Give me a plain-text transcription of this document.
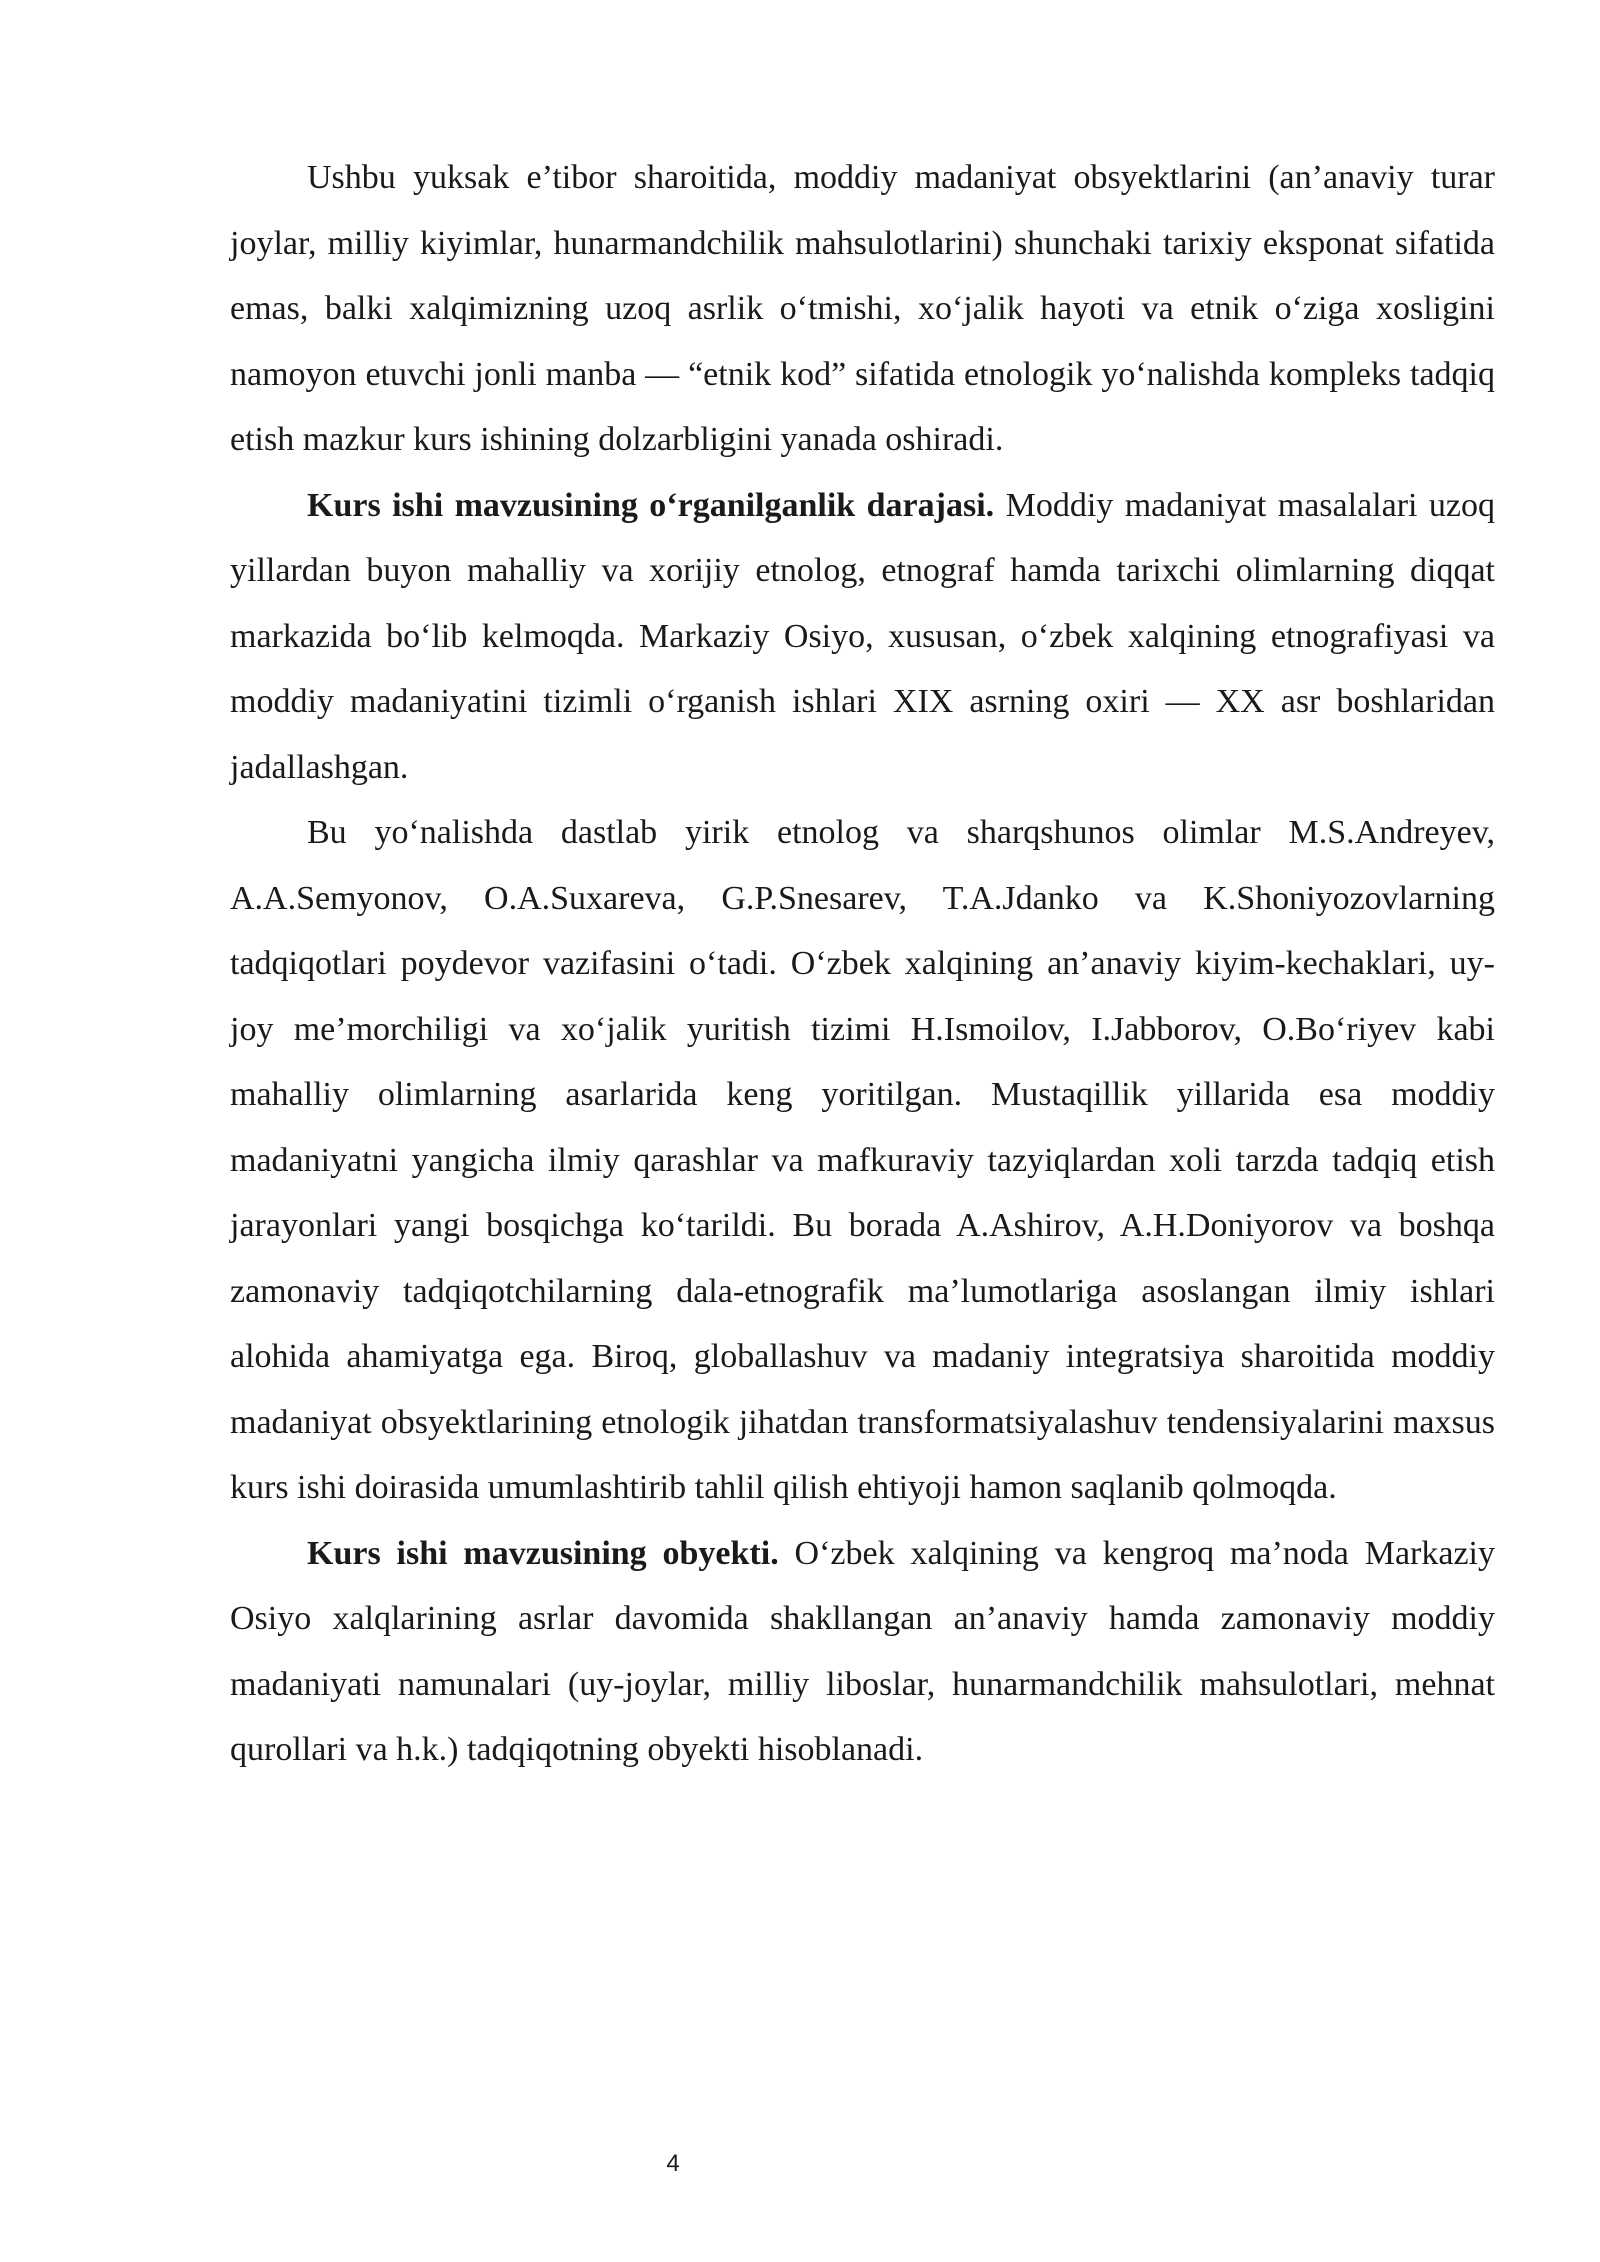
Ushbu yuksak e’tibor sharoitida, moddiy madaniyat obsyektlarini (an’anaviy turar joylar, milliy kiyimlar, hunarmandchilik mahsulotlarini) shunchaki tarixiy eksponat sifatida emas, balki xalqimizning uzoq asrlik o‘tmishi, xo‘jalik hayoti va etnik o‘ziga xosligini namoyon etuvchi jonli manba — “etnik kod” sifatida etnologik yo‘nalishda kompleks tadqiq etish mazkur kurs ishining dolzarbligini yanada oshiradi.

Kurs ishi mavzusining o‘rganilganlik darajasi. Moddiy madaniyat masalalari uzoq yillardan buyon mahalliy va xorijiy etnolog, etnograf hamda tarixchi olimlarning diqqat markazida bo‘lib kelmoqda. Markaziy Osiyo, xususan, o‘zbek xalqining etnografiyasi va moddiy madaniyatini tizimli o‘rganish ishlari XIX asrning oxiri — XX asr boshlaridan jadallashgan.

Bu yo‘nalishda dastlab yirik etnolog va sharqshunos olimlar M.S.Andreyev, A.A.Semyonov, O.A.Suxareva, G.P.Snesarev, T.A.Jdanko va K.Shoniyozovlarning tadqiqotlari poydevor vazifasini o‘tadi. O‘zbek xalqining an’anaviy kiyim-kechaklari, uy-joy me’morchiligi va xo‘jalik yuritish tizimi H.Ismoilov, I.Jabborov, O.Bo‘riyev kabi mahalliy olimlarning asarlarida keng yoritilgan. Mustaqillik yillarida esa moddiy madaniyatni yangicha ilmiy qarashlar va mafkuraviy tazyiqlardan xoli tarzda tadqiq etish jarayonlari yangi bosqichga ko‘tarildi. Bu borada A.Ashirov, A.H.Doniyorov va boshqa zamonaviy tadqiqotchilarning dala-etnografik ma’lumotlariga asoslangan ilmiy ishlari alohida ahamiyatga ega. Biroq, globallashuv va madaniy integratsiya sharoitida moddiy madaniyat obsyektlarining etnologik jihatdan transformatsiyalashuv tendensiyalarini maxsus kurs ishi doirasida umumlashtirib tahlil qilish ehtiyoji hamon saqlanib qolmoqda.

Kurs ishi mavzusining obyekti. O‘zbek xalqining va kengroq ma’noda Markaziy Osiyo xalqlarining asrlar davomida shakllangan an’anaviy hamda zamonaviy moddiy madaniyati namunalari (uy-joylar, milliy liboslar, hunarmandchilik mahsulotlari, mehnat qurollari va h.k.) tadqiqotning obyekti hisoblanadi.

4
